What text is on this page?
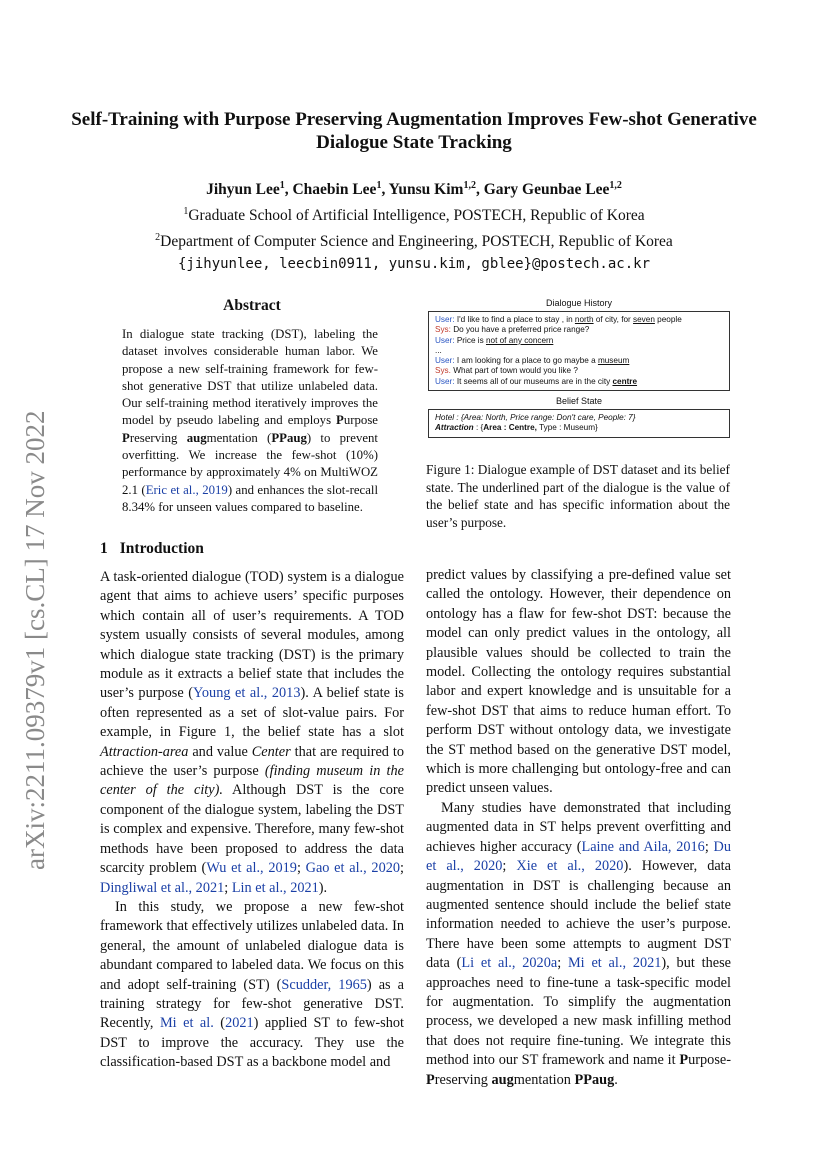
Self-Training with Purpose Preserving Augmentation Improves Few-shot Generative Dialogue State Tracking
Jihyun Lee$^1$, Chaebin Lee$^1$, Yunsu Kim$^{1,2}$, Gary Geunbae Lee$^{1,2}$
$^1$Graduate School of Artificial Intelligence, POSTECH, Republic of Korea
$^2$Department of Computer Science and Engineering, POSTECH, Republic of Korea
{jihyunlee, leecbin0911, yunsu.kim, gblee}@postech.ac.kr
arXiv:2211.09379v1 [cs.CL] 17 Nov 2022
Abstract
In dialogue state tracking (DST), labeling the dataset involves considerable human labor. We propose a new self-training framework for few-shot generative DST that utilize unlabeled data. Our self-training method iteratively improves the model by pseudo labeling and employs Purpose Preserving augmentation (PPaug) to prevent overfitting. We increase the few-shot (10%) performance by approximately 4% on MultiWOZ 2.1 (Eric et al., 2019) and enhances the slot-recall 8.34% for unseen values compared to baseline.
Dialogue History
User: I'd like to find a place to stay , in north of city, for seven people
Sys: Do you have a preferred price range?
User: Price is not of any concern
...
User: I am looking for a place to go maybe a museum
Sys. What part of town would you like ?
User: It seems all of our museums are in the city centre
Belief State
Hotel : {Area: North, Price range: Don't care, People: 7}
Attraction : {Area : Centre, Type : Museum}
Figure 1: Dialogue example of DST dataset and its belief state. The underlined part of the dialogue is the value of the belief state and has specific information about the user’s purpose.
1 Introduction

A task-oriented dialogue (TOD) system is a dialogue agent that aims to achieve users’ specific purposes which contain all of user’s requirements. A TOD system usually consists of several modules, among which dialogue state tracking (DST) is the primary module as it extracts a belief state that includes the user’s purpose (Young et al., 2013). A belief state is often represented as a set of slot-value pairs. For example, in Figure 1, the belief state has a slot Attraction-area and value Center that are required to achieve the user’s purpose (finding museum in the center of the city). Although DST is the core component of the dialogue system, labeling the DST is complex and expensive. Therefore, many few-shot methods have been proposed to address the data scarcity problem (Wu et al., 2019; Gao et al., 2020; Dingliwal et al., 2021; Lin et al., 2021).

In this study, we propose a new few-shot framework that effectively utilizes unlabeled data. In general, the amount of unlabeled dialogue data is abundant compared to labeled data. We focus on this and adopt self-training (ST) (Scudder, 1965) as a training strategy for few-shot generative DST. Recently, Mi et al. (2021) applied ST to few-shot DST to improve the accuracy. They use the classification-based DST as a backbone model and

predict values by classifying a pre-defined value set called the ontology. However, their dependence on ontology has a flaw for few-shot DST: because the model can only predict values in the ontology, all plausible values should be collected to train the model. Collecting the ontology requires substantial labor and expert knowledge and is unsuitable for a few-shot DST that aims to reduce human effort. To perform DST without ontology data, we investigate the ST method based on the generative DST model, which is more challenging but ontology-free and can predict unseen values.

Many studies have demonstrated that including augmented data in ST helps prevent overfitting and achieves higher accuracy (Laine and Aila, 2016; Du et al., 2020; Xie et al., 2020). However, data augmentation in DST is challenging because an augmented sentence should include the belief state information needed to achieve the user’s purpose. There have been some attempts to augment DST data (Li et al., 2020a; Mi et al., 2021), but these approaches need to fine-tune a task-specific model for augmentation. To simplify the augmentation process, we developed a new mask infilling method that does not require fine-tuning. We integrate this method into our ST framework and name it Purpose-Preserving augmentation PPaug.
